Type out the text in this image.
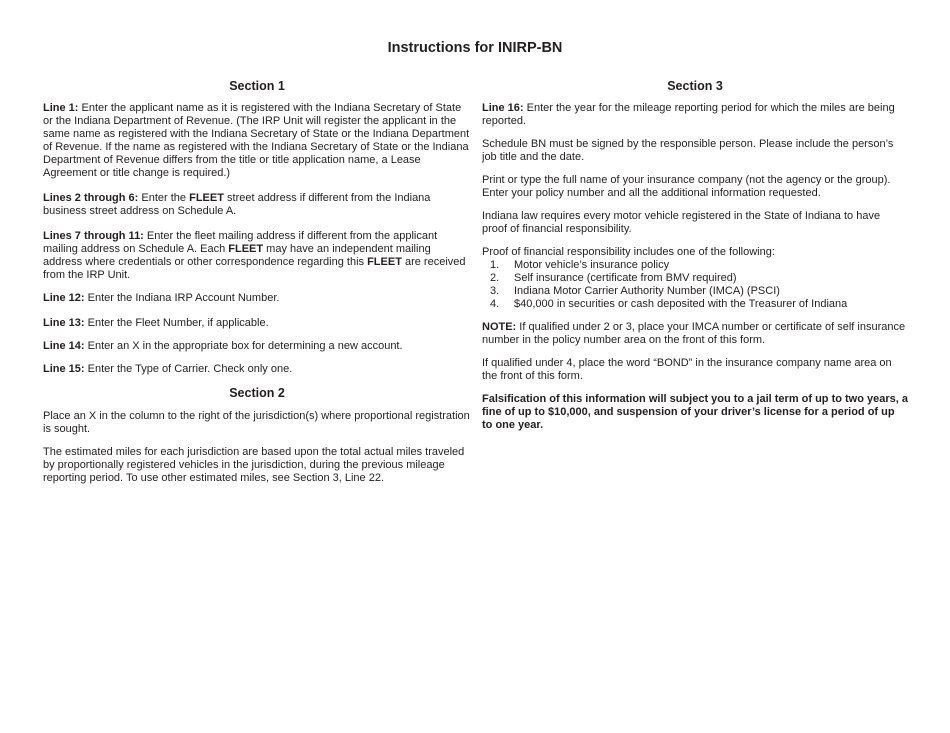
Instructions for INIRP-BN
Section 1

Line 1: Enter the applicant name as it is registered with the Indiana Secretary of State or the Indiana Department of Revenue. (The IRP Unit will register the applicant in the same name as registered with the Indiana Secretary of State or the Indiana Department of Revenue. If the name as registered with the Indiana Secretary of State or the Indiana Department of Revenue differs from the title or title application name, a Lease Agreement or title change is required.)

Lines 2 through 6: Enter the FLEET street address if different from the Indiana business street address on Schedule A.

Lines 7 through 11: Enter the fleet mailing address if different from the applicant mailing address on Schedule A. Each FLEET may have an independent mailing address where credentials or other correspondence regarding this FLEET are received from the IRP Unit.

Line 12: Enter the Indiana IRP Account Number.

Line 13: Enter the Fleet Number, if applicable.

Line 14: Enter an X in the appropriate box for determining a new account.

Line 15: Enter the Type of Carrier. Check only one.

Section 2

Place an X in the column to the right of the jurisdiction(s) where proportional registration is sought.

The estimated miles for each jurisdiction are based upon the total actual miles traveled by proportionally registered vehicles in the jurisdiction, during the previous mileage reporting period. To use other estimated miles, see Section 3, Line 22.

Section 3

Line 16: Enter the year for the mileage reporting period for which the miles are being reported.

Schedule BN must be signed by the responsible person. Please include the person’s job title and the date.

Print or type the full name of your insurance company (not the agency or the group). Enter your policy number and all the additional information requested.

Indiana law requires every motor vehicle registered in the State of Indiana to have proof of financial responsibility.

Proof of financial responsibility includes one of the following:

1.	Motor vehicle’s insurance policy
2.	Self insurance (certificate from BMV required)
3.	Indiana Motor Carrier Authority Number (IMCA) (PSCI)
4.	$40,000 in securities or cash deposited with the Treasurer of Indiana

NOTE: If qualified under 2 or 3, place your IMCA number or certificate of self insurance number in the policy number area on the front of this form.

If qualified under 4, place the word “BOND” in the insurance company name area on the front of this form.

Falsification of this information will subject you to a jail term of up to two years, a fine of up to $10,000, and suspension of your driver’s license for a period of up to one year.
